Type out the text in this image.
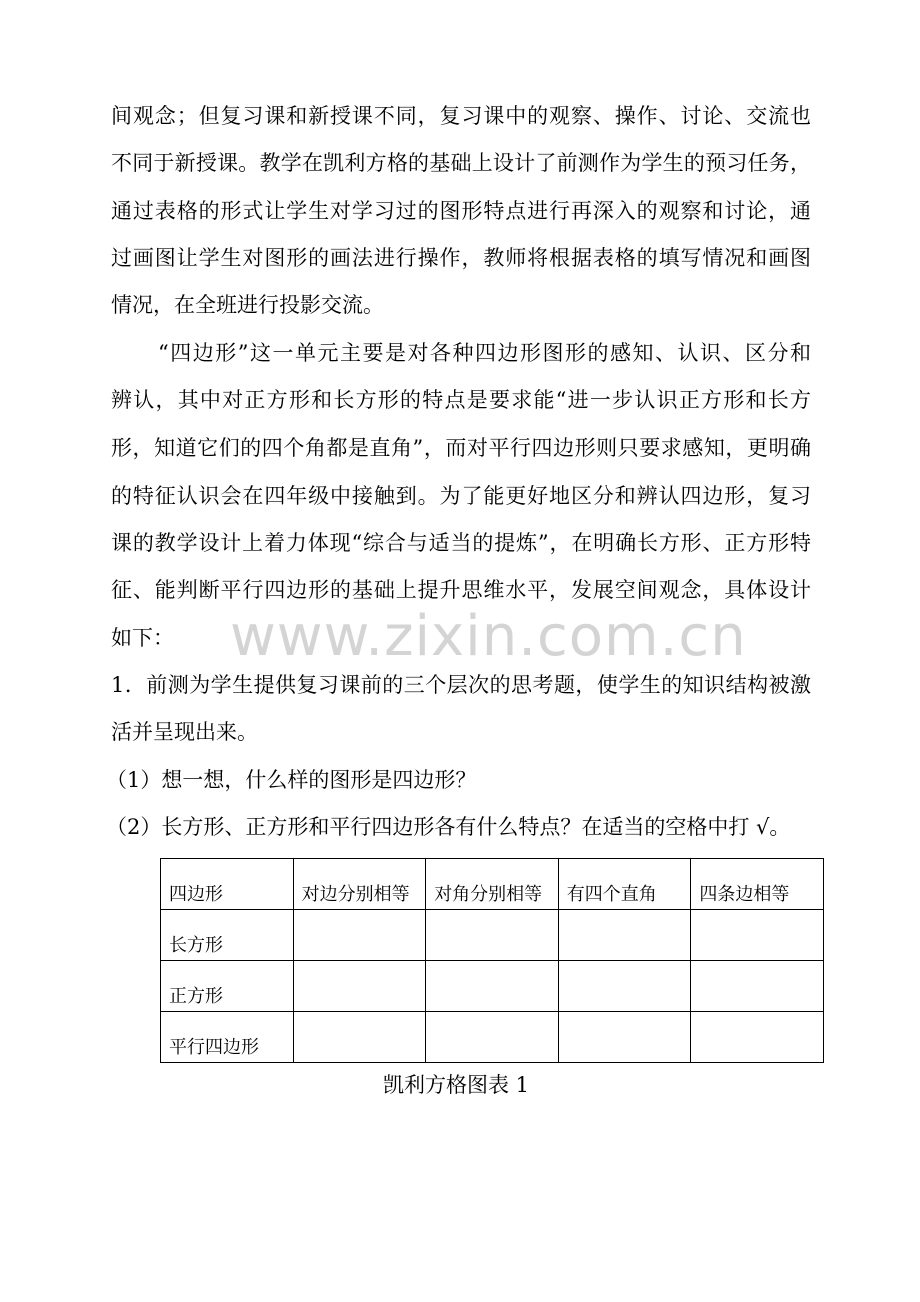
间观念；但复习课和新授课不同，复习课中的观察、操作、讨论、交流也
不同于新授课。教学在凯利方格的基础上设计了前测作为学生的预习任务，
通过表格的形式让学生对学习过的图形特点进行再深入的观察和讨论，通
过画图让学生对图形的画法进行操作，教师将根据表格的填写情况和画图
情况，在全班进行投影交流。
“四边形”这一单元主要是对各种四边形图形的感知、认识、区分和
辨认，其中对正方形和长方形的特点是要求能“进一步认识正方形和长方
形，知道它们的四个角都是直角”，而对平行四边形则只要求感知，更明确
的特征认识会在四年级中接触到。为了能更好地区分和辨认四边形，复习
课的教学设计上着力体现“综合与适当的提炼”，在明确长方形、正方形特
征、能判断平行四边形的基础上提升思维水平，发展空间观念，具体设计
如下：	www.zixin.com.cn
1．前测为学生提供复习课前的三个层次的思考题，使学生的知识结构被激
活并呈现出来。
（1）想一想，什么样的图形是四边形？
（2）长方形、正方形和平行四边形各有什么特点？在适当的空格中打 √。
四边形	对边分别相等	对角分别相等	有四个直角	四条边相等
长方形				
正方形				
平行四边形				
凯利方格图表 1
